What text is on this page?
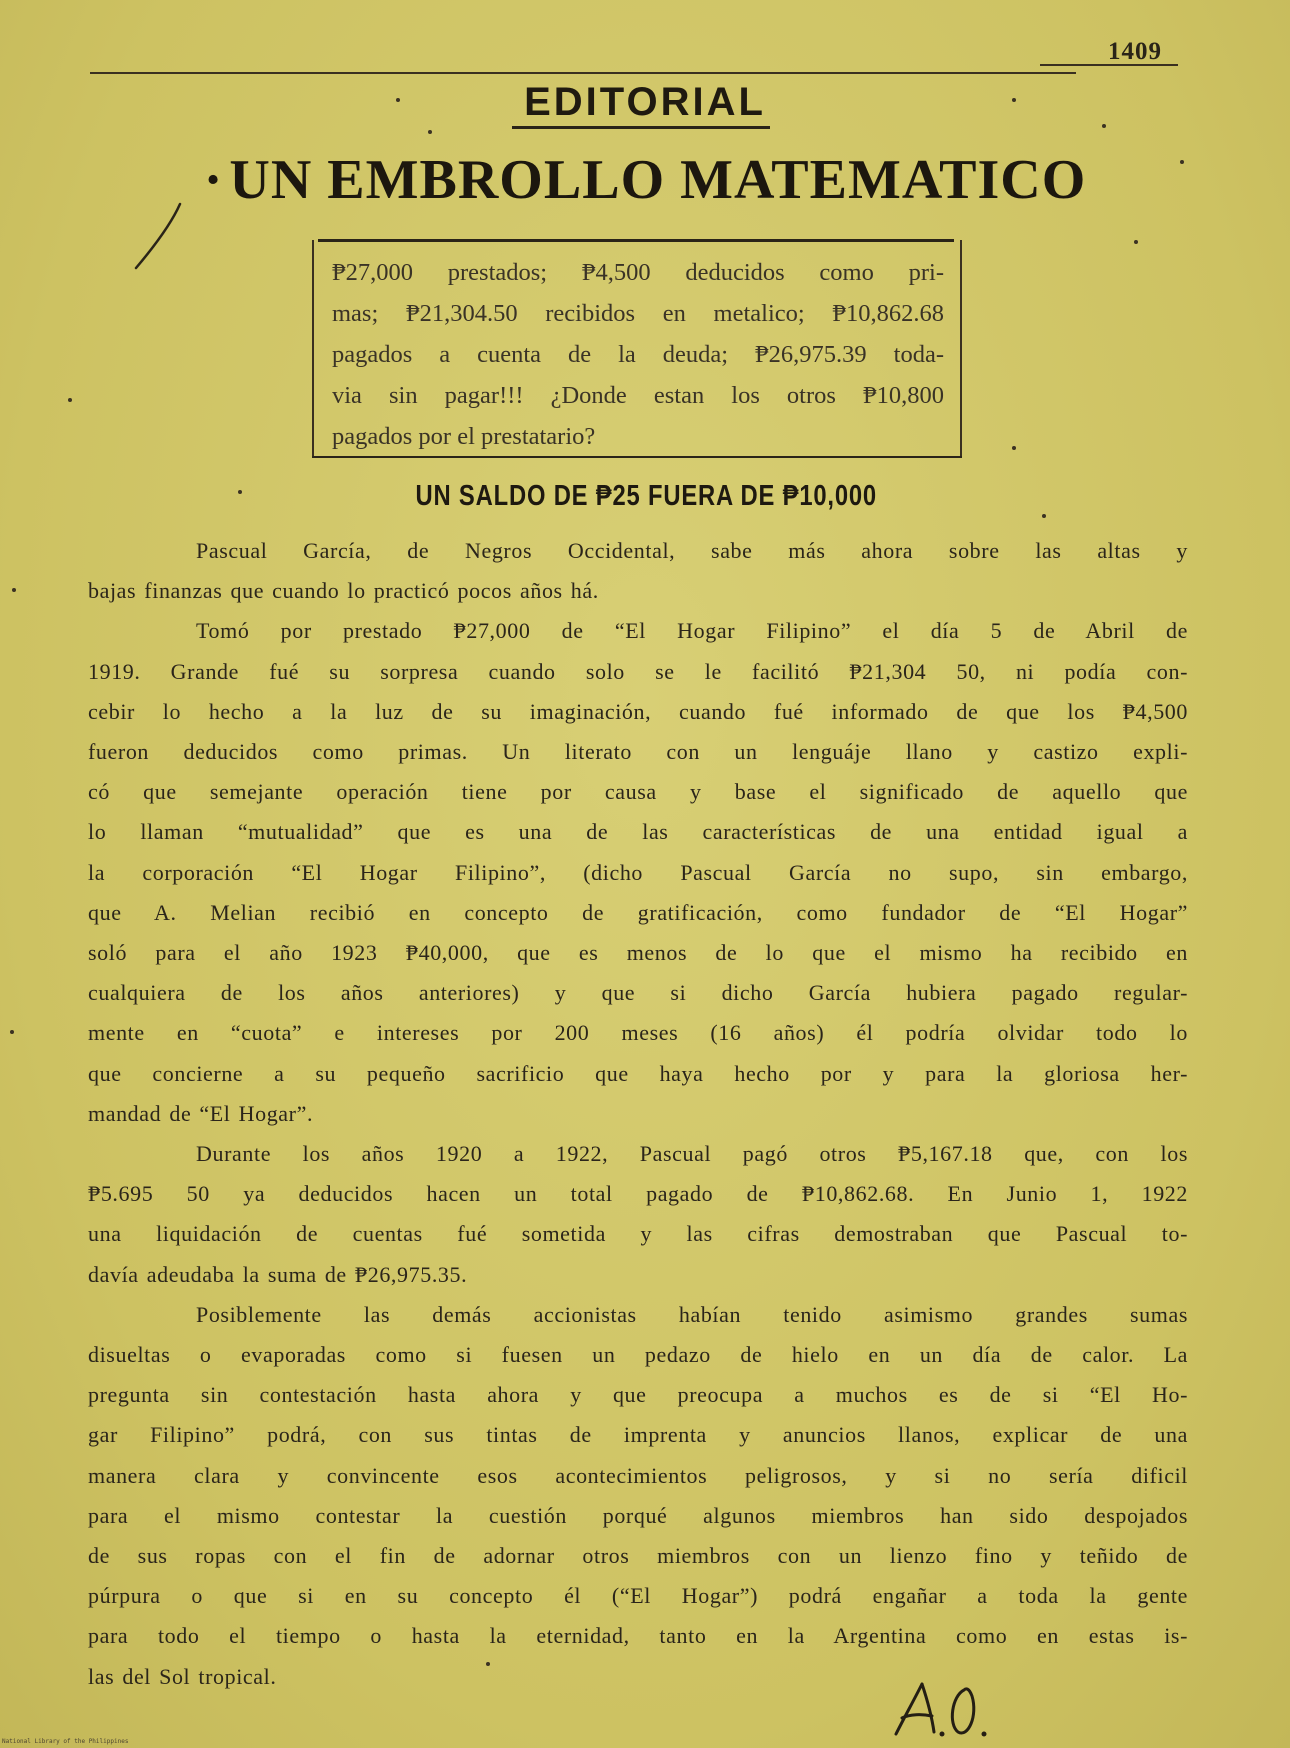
1409
EDITORIAL
· UN EMBROLLO MATEMATICO
₱27,000 prestados; ₱4,500 deducidos como pri-
mas; ₱21,304.50 recibidos en metalico; ₱10,862.68
pagados a cuenta de la deuda; ₱26,975.39 toda-
via sin pagar!!! ¿Donde estan los otros ₱10,800
pagados por el prestatario?
UN SALDO DE ₱25 FUERA DE ₱10,000
Pascual García, de Negros Occidental, sabe más ahora sobre las altas y
bajas finanzas que cuando lo practicó pocos años há.
Tomó por prestado ₱27,000 de “El Hogar Filipino” el día 5 de Abril de
1919. Grande fué su sorpresa cuando solo se le facilitó ₱21,304 50, ni podía con-
cebir lo hecho a la luz de su imaginación, cuando fué informado de que los ₱4,500
fueron deducidos como primas. Un literato con un lenguáje llano y castizo expli-
có que semejante operación tiene por causa y base el significado de aquello que
lo llaman “mutualidad” que es una de las características de una entidad igual a
la corporación “El Hogar Filipino”, (dicho Pascual García no supo, sin embargo,
que A. Melian recibió en concepto de gratificación, como fundador de “El Hogar”
soló para el año 1923 ₱40,000, que es menos de lo que el mismo ha recibido en
cualquiera de los años anteriores) y que si dicho García hubiera pagado regular-
mente en “cuota” e intereses por 200 meses (16 años) él podría olvidar todo lo
que concierne a su pequeño sacrificio que haya hecho por y para la gloriosa her-
mandad de “El Hogar”.
Durante los años 1920 a 1922, Pascual pagó otros ₱5,167.18 que, con los
₱5.695 50 ya deducidos hacen un total pagado de ₱10,862.68. En Junio 1, 1922
una liquidación de cuentas fué sometida y las cifras demostraban que Pascual to-
davía adeudaba la suma de ₱26,975.35.
Posiblemente las demás accionistas habían tenido asimismo grandes sumas
disueltas o evaporadas como si fuesen un pedazo de hielo en un día de calor. La
pregunta sin contestación hasta ahora y que preocupa a muchos es de si “El Ho-
gar Filipino” podrá, con sus tintas de imprenta y anuncios llanos, explicar de una
manera clara y convincente esos acontecimientos peligrosos, y si no sería dificil
para el mismo contestar la cuestión porqué algunos miembros han sido despojados
de sus ropas con el fin de adornar otros miembros con un lienzo fino y teñido de
púrpura o que si en su concepto él (“El Hogar”) podrá engañar a toda la gente
para todo el tiempo o hasta la eternidad, tanto en la Argentina como en estas is-
las del Sol tropical.
National Library of the Philippines
